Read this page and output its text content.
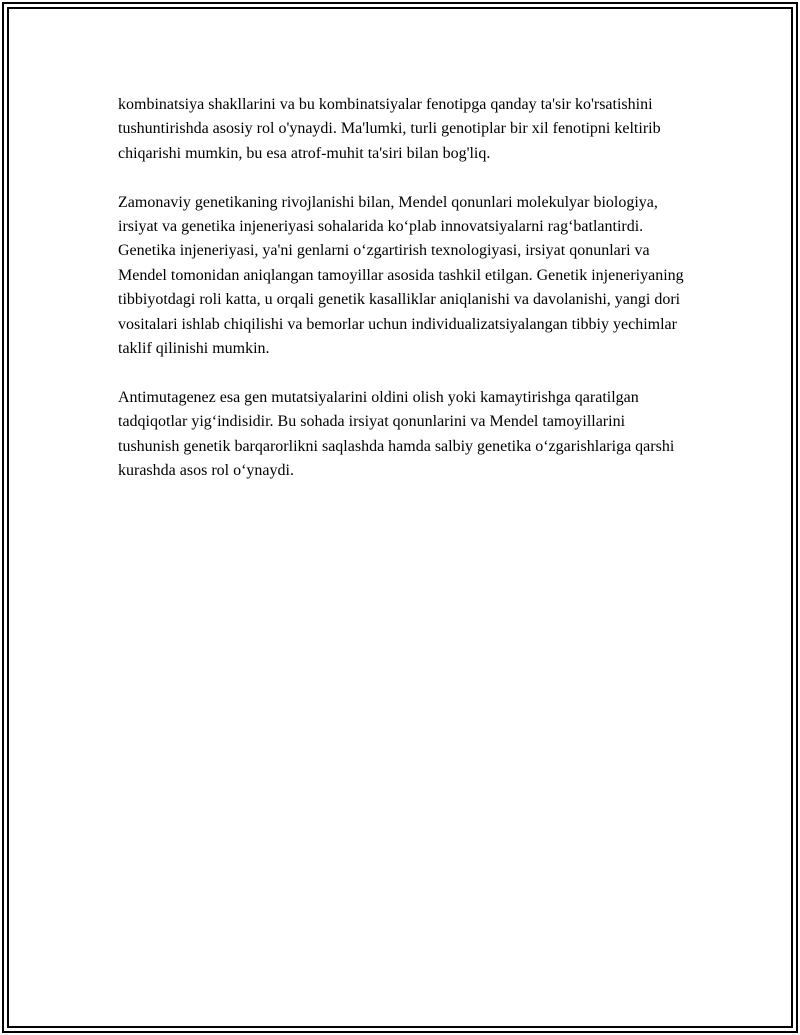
kombinatsiya shakllarini va bu kombinatsiyalar fenotipga qanday ta'sir ko'rsatishini tushuntirishda asosiy rol o'ynaydi. Ma'lumki, turli genotiplar bir xil fenotipni keltirib chiqarishi mumkin, bu esa atrof-muhit ta'siri bilan bog'liq.

Zamonaviy genetikaning rivojlanishi bilan, Mendel qonunlari molekulyar biologiya, irsiyat va genetika injeneriyasi sohalarida ko‘plab innovatsiyalarni rag‘batlantirdi. Genetika injeneriyasi, ya'ni genlarni o‘zgartirish texnologiyasi, irsiyat qonunlari va Mendel tomonidan aniqlangan tamoyillar asosida tashkil etilgan. Genetik injeneriyaning tibbiyotdagi roli katta, u orqali genetik kasalliklar aniqlanishi va davolanishi, yangi dori vositalari ishlab chiqilishi va bemorlar uchun individualizatsiyalangan tibbiy yechimlar taklif qilinishi mumkin.

Antimutagenez esa gen mutatsiyalarini oldini olish yoki kamaytirishga qaratilgan tadqiqotlar yig‘indisidir. Bu sohada irsiyat qonunlarini va Mendel tamoyillarini tushunish genetik barqarorlikni saqlashda hamda salbiy genetika o‘zgarishlariga qarshi kurashda asos rol o‘ynaydi.
